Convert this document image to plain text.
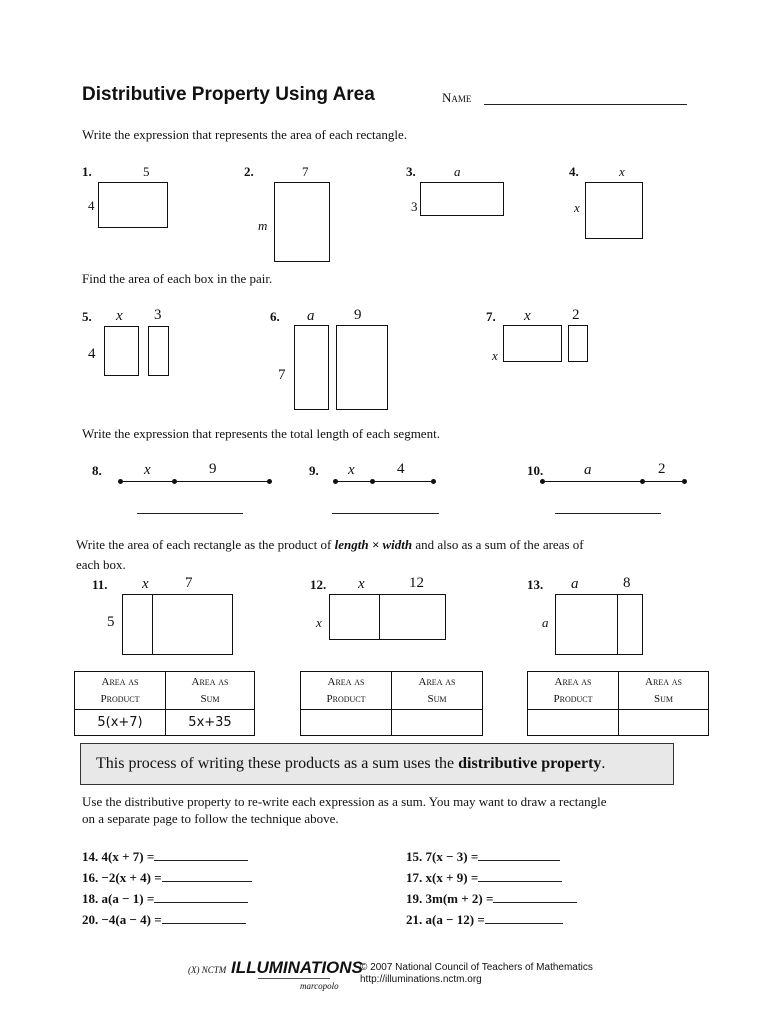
Distributive Property Using Area	Name
Write the expression that represents the area of each rectangle.
1.	5
4
2.	7
m
3.	a
3
4.	x
x
Find the area of each box in the pair.
5. x 3
4
6. a	9
7
7. x	2
x
Write the expression that represents the total length of each segment.
8.	x	9	9. x	4	10.	a	2
Write the area of each rectangle as the product of length × width and also as a sum of the areas of
each box.
11. x 7
5
12. x	12
x
13. a	8
a
Area as
Product	Area as
Sum
5(x+7)	5x+35
Area as
Product	Area as
Sum

Area as
Product	Area as
Sum

This process of writing these products as a sum uses the distributive property.
Use the distributive property to re-write each expression as a sum. You may want to draw a rectangle
on a separate page to follow the technique above.
14. 4(x + 7) =	15. 7(x − 3) =
16. −2(x + 4) =	17. x(x + 9) =
18. a(a − 1) =	19. 3m(m + 2) =
20. −4(a − 4) =	21. a(a − 12) =
(X) NCTM ILLUMINATIONS
marcopolo
© 2007 National Council of Teachers of Mathematics
http://illuminations.nctm.org
